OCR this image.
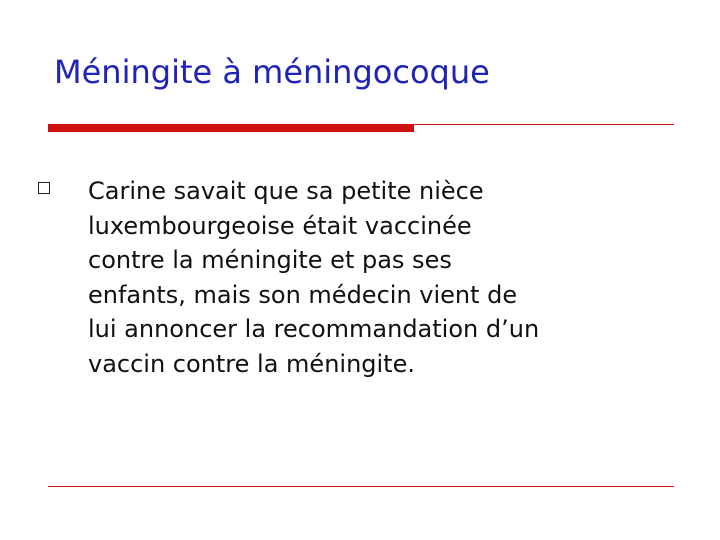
Méningite à méningocoque
Carine savait que sa petite nièce
luxembourgeoise était vaccinée
contre la méningite et pas ses
enfants, mais son médecin vient de
lui annoncer la recommandation d’un
vaccin contre la méningite.
